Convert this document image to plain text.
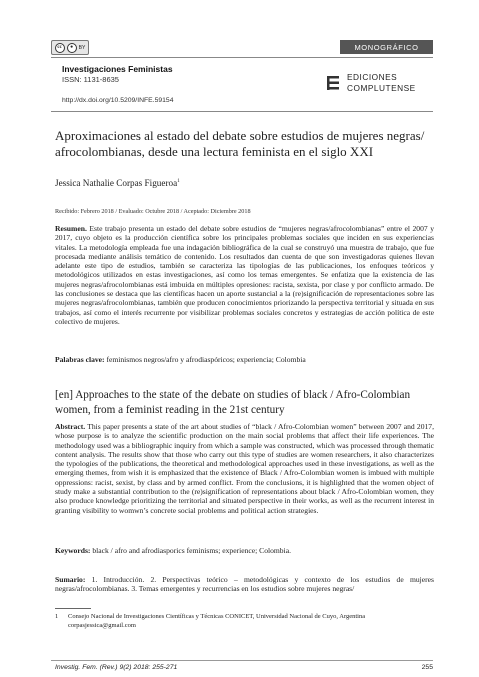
cc	●	BY	MONOGRÁFICO
Investigaciones Feministas
ISSN: 1131-8635
http://dx.doi.org/10.5209/INFE.59154
EDICIONES
COMPLUTENSE
Aproximaciones al estado del debate sobre estudios de mujeres negras/ afrocolombianas, desde una lectura feminista en el siglo XXI
Jessica Nathalie Corpas Figueroa$^1$
Recibido: Febrero 2018 / Evaluado: Octubre 2018 / Aceptado: Diciembre 2018
Resumen. Este trabajo presenta un estado del debate sobre estudios de “mujeres negras/afrocolombianas” entre el 2007 y 2017, cuyo objeto es la producción científica sobre los principales problemas sociales que inciden en sus experiencias vitales. La metodología empleada fue una indagación bibliográfica de la cual se construyó una muestra de trabajo, que fue procesada mediante análisis temático de contenido. Los resultados dan cuenta de que son investigadoras quienes llevan adelante este tipo de estudios, también se caracteriza las tipologías de las publicaciones, los enfoques teóricos y metodológicos utilizados en estas investigaciones, así como los temas emergentes. Se enfatiza que la existencia de las mujeres negras/afrocolombianas está imbuida en múltiples opresiones: racista, sexista, por clase y por conflicto armado. De las conclusiones se destaca que las científicas hacen un aporte sustancial a la (re)significación de representaciones sobre las mujeres negras/afrocolombianas, también que producen conocimientos priorizando la perspectiva territorial y situada en sus trabajos, así como el interés recurrente por visibilizar problemas sociales concretos y estrategias de acción política de este colectivo de mujeres.
Palabras clave: feminismos negros/afro y afrodiaspóricos; experiencia; Colombia
[en] Approaches to the state of the debate on studies of black / Afro-Colombian women, from a feminist reading in the 21st century
Abstract. This paper presents a state of the art about studies of “black / Afro-Colombian women” between 2007 and 2017, whose purpose is to analyze the scientific production on the main social problems that affect their life experiences. The methodology used was a bibliographic inquiry from which a sample was constructed, which was processed through thematic content analysis. The results show that those who carry out this type of studies are women researchers, it also characterizes the typologies of the publications, the theoretical and methodological approaches used in these investigations, as well as the emerging themes, from wish it is emphasized that the existence of Black / Afro-Colombian women is imbued with multiple oppressions: racist, sexist, by class and by armed conflict. From the conclusions, it is highlighted that the women object of study make a substantial contribution to the (re)signification of representations about black / Afro-Colombian women, they also produce knowledge prioritizing the territorial and situated perspective in their works, as well as the recurrent interest in granting visibility to womwn’s concrete social problems and political action strategies.
Keywords: black / afro and afrodiasporics feminisms; experience; Colombia.
Sumario: 1. Introducción. 2. Perspectivas teórico – metodológicas y contexto de los estudios de mujeres negras/afrocolombianas. 3. Temas emergentes y recurrencias en los estudios sobre mujeres negras/
1 Consejo Nacional de Investigaciones Científicas y Técnicas CONICET, Universidad Nacional de Cuyo, Argentina
corpasjessica@gmail.com
Investig. Fem. (Rev.) 9(2) 2018: 255-271	255
